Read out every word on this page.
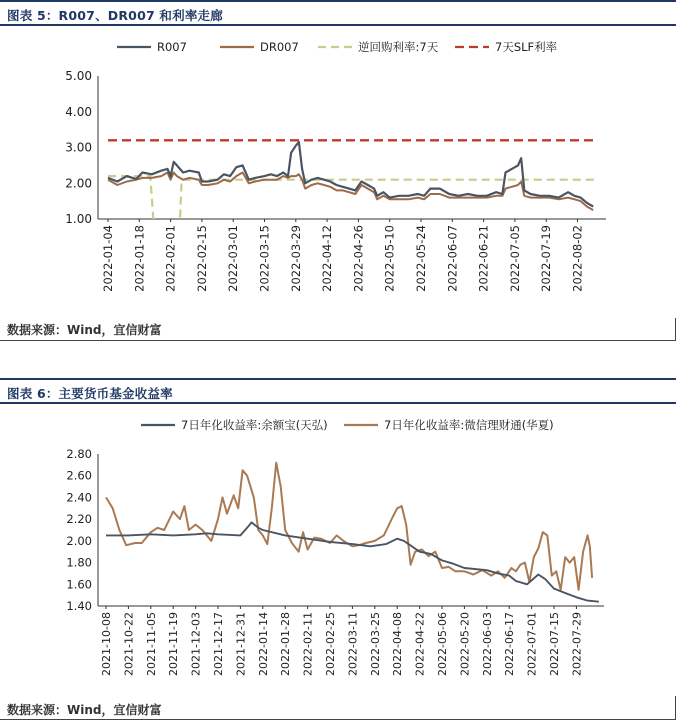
图表 5：R007、DR007 和利率走廊
R007	DR007	逆回购利率:7天	7天SLF利率
5.00
4.00
3.00
2.00
1.00
2022-01-04 2022-01-18 2022-02-01 2022-02-15 2022-03-01 2022-03-15 2022-03-29 2022-04-12 2022-04-26 2022-05-10 2022-05-24 2022-06-07 2022-06-21 2022-07-05 2022-07-19 2022-08-02
数据来源：Wind，宜信财富
图表 6：主要货币基金收益率
7日年化收益率:余额宝(天弘)	7日年化收益率:微信理财通(华夏)
2.80
2.60
2.40
2.20
2.00
1.80
1.60
1.40
2021-10-08 2021-10-22 2021-11-05 2021-11-19 2021-12-03 2021-12-17 2021-12-31 2022-01-14 2022-01-28 2022-02-11 2022-02-25 2022-03-11 2022-03-25 2022-04-08 2022-04-22 2022-05-06 2022-05-20 2022-06-03 2022-06-17 2022-07-01 2022-07-15 2022-07-29
数据来源：Wind，宜信财富
